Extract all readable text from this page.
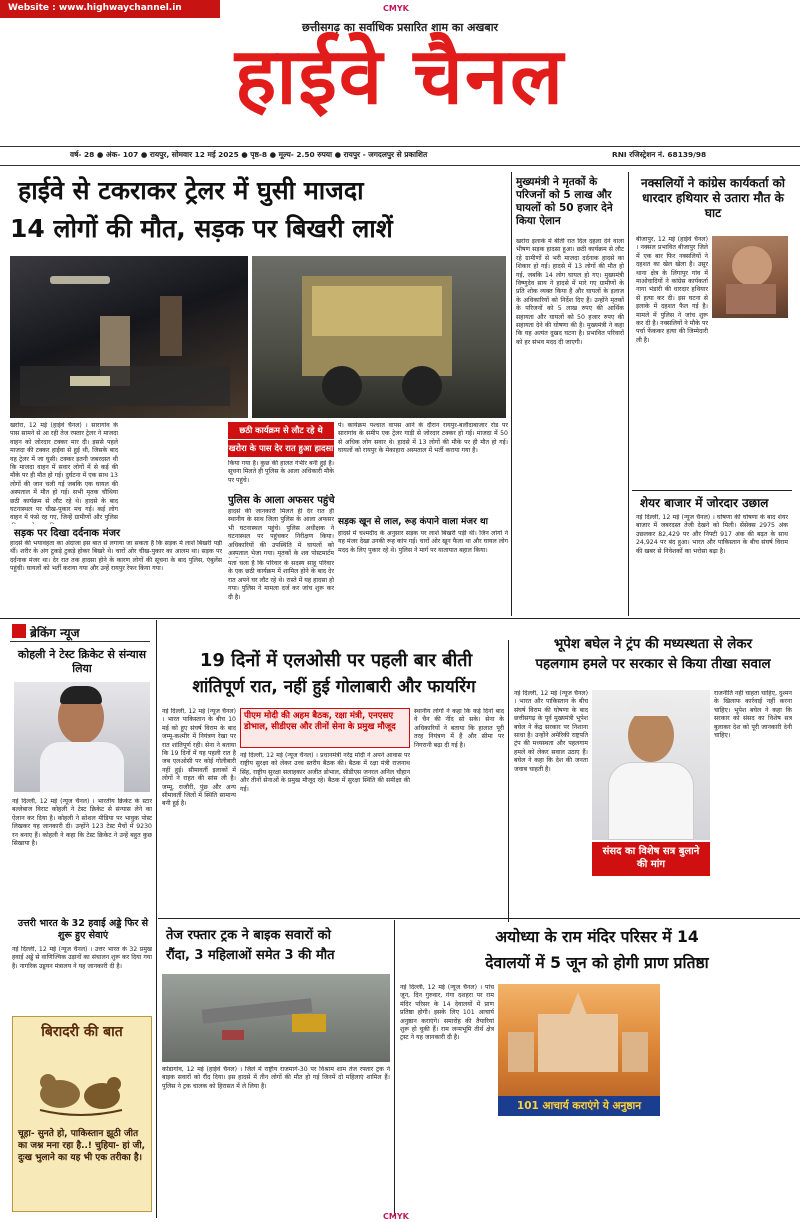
Website : www.highwaychannel.in	CMYK
छत्तीसगढ़ का सर्वाधिक प्रसारित शाम का अखबार
हाईवे चैनल
वर्ष- 28 ● अंक- 107 ● रायपुर, सोमवार 12 मई 2025 ● पृष्ठ-8 ● मूल्य- 2.50 रुपया ● रायपुर - जगदलपुर से प्रकाशित	RNI रजिस्ट्रेशन नं. 68139/98
हाईवे से टकराकर ट्रेलर में घुसी माजदा
14 लोगों की मौत, सड़क पर बिखरी लाशें
खरोरा, 12 मई (हाईवे चैनल) । सारागांव के पास सामने से आ रही तेज रफ्तार ट्रेलर ने माजदा वाहन को जोरदार टक्कर मार दी। इससे पहले माजदा की टक्कर हाईवा से हुई थी, जिसके बाद वह ट्रेलर में जा घुसी। टक्कर इतनी जबरदस्त थी कि माजदा वाहन में सवार लोगों में से कई की मौके पर ही मौत हो गई। दुर्घटना में एक साथ 13 लोगों की जान चली गई जबकि एक घायल की अस्पताल में मौत हो गई। सभी मृतक चौथिया छठी कार्यक्रम से लौट रहे थे। हादसे के बाद घटनास्थल पर चीख-पुकार मच गई। कई लोग वाहन में फंसे रह गए, जिन्हें ग्रामीणों और पुलिस
सड़क पर दिखा दर्दनाक मंजर
हादसे की भयावहता का अंदाजा इस बात से लगाया जा सकता है कि सड़क में लाशें बिखरी पड़ी थीं। शरीर के अंग टुकड़े टुकड़े होकर बिखरे थे। चारों ओर चीख-पुकार का आलम था। सड़क पर दर्दनाक मंजर था। देर रात तक हादसा होने के कारण लोगों की सूचना के बाद पुलिस, एंबुलेंस पहुंची। घायलों को भर्ती कराया गया और उन्हें रायपुर रेफर किया गया।
छठी कार्यक्रम से लौट रहे थे
खरोरा के पास देर रात हुआ हादसा
किया गया है। कुछ की हालत गंभीर बनी हुई है। सूचना मिलते ही पुलिस के आला अधिकारी मौके पर पहुंचे।
पुलिस के आला अफसर पहुंचे
हादसे की जानकारी मिलते ही देर रात ही स्थानीय के साथ जिला पुलिस के आला अफसर भी घटनास्थल पहुंचे। पुलिस अधीक्षक ने घटनास्थल पर पहुंचकर निरीक्षण किया। अधिकारियों की उपस्थिति में घायलों को अस्पताल भेजा गया। मृतकों के शव पोस्टमार्टम
पता चला है कि परिवार के सदस्य साहू परिवार के एक छठी कार्यक्रम में शामिल होने के बाद देर रात अपने घर लौट रहे थे। रास्ते में यह हादसा हो गया। पुलिस ने मामला दर्ज कर जांच शुरू कर दी है।
पे। कार्यक्रम पश्चात वापस आने के दौरान रायपुर-बलौदाबाजार रोड पर सारागांव के समीप एक ट्रेलर गाड़ी से जोरदार टक्कर हो गई। माजदा में 50 से अधिक लोग सवार थे। हादसे में 13 लोगों की मौके पर ही मौत हो गई। घायलों को रायपुर के मेकाहारा अस्पताल में भर्ती कराया गया है।
सड़क खून से लाल, रूह कंपाने वाला मंजर था
हादसे में चश्मदीद के अनुसार सड़क पर लाशें बिखरी पड़ी थीं। जिन लोगों ने यह मंजर देखा उनकी रूह कांप गई। चारों ओर खून फैला था और घायल लोग मदद के लिए पुकार रहे थे। पुलिस ने मार्ग पर यातायात बहाल किया।
मुख्यमंत्री ने मृतकों के परिजनों को 5 लाख और घायलों को 50 हजार देने किया ऐलान
खरोरा इलाके में बीती रात दिल दहला देने वाला भीषण सड़क हादसा हुआ। छठी कार्यक्रम से लौट रहे ग्रामीणों से भरी माजदा दर्दनाक हादसे का शिकार हो गई। हादसे में 13 लोगों की मौत हो गई, जबकि 14 लोग घायल हो गए। मुख्यमंत्री विष्णुदेव साय ने हादसे में मारे गए ग्रामीणों के प्रति शोक व्यक्त किया है और घायलों के इलाज के अधिकारियों को निर्देश दिए हैं। उन्होंने मृतकों के परिजनों को 5 लाख रुपए की आर्थिक सहायता और घायलों को 50 हजार रुपए की सहायता देने की घोषणा की है। मुख्यमंत्री ने कहा कि यह अत्यंत दुखद घटना है। प्रभावित परिवारों को हर संभव मदद दी जाएगी।
नक्सलियों ने कांग्रेस कार्यकर्ता को धारदार हथियार से उतारा मौत के घाट
बीजापुर, 12 मई (हाईवे चैनल) । नक्सल प्रभावित बीजापुर जिले में एक बार फिर नक्सलियों ने दहशत का खेल खेला है। उसूर थाना क्षेत्र के लिंगापुर गांव में माओवादियों ने कांग्रेस कार्यकर्ता नागा भंडारी की धारदार हथियार से हत्या कर दी। इस घटना से इलाके में दहशत फैल गई है। मामले में पुलिस ने जांच शुरू कर दी है। नक्सलियों ने मौके पर पर्चा फेंककर हत्या की जिम्मेदारी ली है।
शेयर बाजार में जोरदार उछाल
नई दिल्ली, 12 मई (न्यूज चैनल) । घोषणा की घोषणा के बाद शेयर बाजार में जबरदस्त तेजी देखने को मिली। सेंसेक्स 2975 अंक उछलकर 82,429 पर और निफ्टी 917 अंक की बढ़त के साथ 24,924 पर बंद हुआ। भारत और पाकिस्तान के बीच संघर्ष विराम की खबर से निवेशकों का भरोसा बढ़ा है।
ब्रेकिंग न्यूज
कोहली ने टेस्ट क्रिकेट से संन्यास लिया
नई दिल्ली, 12 मई (न्यूज चैनल) । भारतीय क्रिकेट के स्टार बल्लेबाज विराट कोहली ने टेस्ट क्रिकेट से संन्यास लेने का ऐलान कर दिया है। कोहली ने सोशल मीडिया पर भावुक पोस्ट लिखकर यह जानकारी दी। उन्होंने 123 टेस्ट मैचों में 9230 रन बनाए हैं। कोहली ने कहा कि टेस्ट क्रिकेट ने उन्हें बहुत कुछ सिखाया है।
उत्तरी भारत के 32 हवाई अड्डे फिर से शुरू हुए सेवाएं
नई दिल्ली, 12 मई (न्यूज चैनल) । उत्तर भारत के 32 प्रमुख हवाई अड्डे से वाणिज्यिक उड़ानों का संचालन शुरू कर दिया गया है। नागरिक उड्डयन मंत्रालय ने यह जानकारी दी है।
बिरादरी की बात
चूहा- सुनते हो, पाकिस्तान झूठी जीत का जश्न मना रहा है..! चुहिया- हां जी, दुःख भुलाने का यह भी एक तरीका है।
19 दिनों में एलओसी पर पहली बार बीती
शांतिपूर्ण रात, नहीं हुई गोलाबारी और फायरिंग
नई दिल्ली, 12 मई (न्यूज चैनल) । भारत पाकिस्तान के बीच 10 मई को हुए संघर्ष विराम के बाद जम्मू-कश्मीर में नियंत्रण रेखा पर रात शांतिपूर्ण रही। सेना ने बताया कि 19 दिनों में यह पहली रात है जब एलओसी पर कोई गोलीबारी नहीं हुई। सीमावर्ती इलाकों में लोगों ने राहत की सांस ली है। जम्मू, राजौरी, पुंछ और अन्य सीमावर्ती जिलों में स्थिति सामान्य बनी हुई है।
पीएम मोदी की अहम बैठक, रक्षा मंत्री, एनएसए डोभाल, सीडीएस और तीनों सेना के प्रमुख मौजूद
नई दिल्ली, 12 मई (न्यूज चैनल) । प्रधानमंत्री नरेंद्र मोदी ने अपने आवास पर राष्ट्रीय सुरक्षा को लेकर उच्च स्तरीय बैठक की। बैठक में रक्षा मंत्री राजनाथ सिंह, राष्ट्रीय सुरक्षा सलाहकार अजीत डोभाल, सीडीएस जनरल अनिल चौहान और तीनों सेनाओं के प्रमुख मौजूद रहे। बैठक में सुरक्षा स्थिति की समीक्षा की गई।
स्थानीय लोगों ने कहा कि कई दिनों बाद वे चैन की नींद सो सके। सेना के अधिकारियों ने बताया कि हालात पूरी तरह नियंत्रण में हैं और सीमा पर निगरानी बढ़ा दी गई है।
भूपेश बघेल ने ट्रंप की मध्यस्थता से लेकर
पहलगाम हमले पर सरकार से किया तीखा सवाल
नई दिल्ली, 12 मई (न्यूज चैनल) । भारत और पाकिस्तान के बीच संघर्ष विराम की घोषणा के बाद छत्तीसगढ़ के पूर्व मुख्यमंत्री भूपेश बघेल ने केंद्र सरकार पर निशाना साधा है। उन्होंने अमेरिकी राष्ट्रपति ट्रंप की मध्यस्थता और पहलगाम हमले को लेकर सवाल उठाए हैं। बघेल ने कहा कि देश की जनता जवाब चाहती है।
संसद का विशेष सत्र बुलाने की मांग
राजनीति नहीं चाहता चाहिए, दुश्मन के खिलाफ कार्रवाई नहीं करना चाहिए। भूपेश बघेल ने कहा कि सरकार को संसद का विशेष सत्र बुलाकर देश को पूरी जानकारी देनी चाहिए।
तेज रफ्तार ट्रक ने बाइक सवारों को
रौंदा, 3 महिलाओं समेत 3 की मौत
कोंडागांव, 12 मई (हाईवे चैनल) । जिले में राष्ट्रीय राजमार्ग-30 पर विश्राम शाम तेज रफ्तार ट्रक ने बाइक सवारों को रौंद दिया। इस हादसे में तीन लोगों की मौत हो गई जिनमें दो महिलाएं शामिल हैं। पुलिस ने ट्रक चालक को हिरासत में ले लिया है।
अयोध्या के राम मंदिर परिसर में 14
देवालयों में 5 जून को होगी प्राण प्रतिष्ठा
नई दिल्ली, 12 मई (न्यूज चैनल) । पांच जून, दिन गुरुवार, गंगा दशहरा पर राम मंदिर परिसर के 14 देवालयों में प्राण प्रतिष्ठा होगी। इसके लिए 101 आचार्य अनुष्ठान कराएंगे। समारोह की तैयारियां शुरू हो चुकी हैं। राम जन्मभूमि तीर्थ क्षेत्र ट्रस्ट ने यह जानकारी दी है।
101 आचार्य कराएंगे ये अनुष्ठान
CMYK
